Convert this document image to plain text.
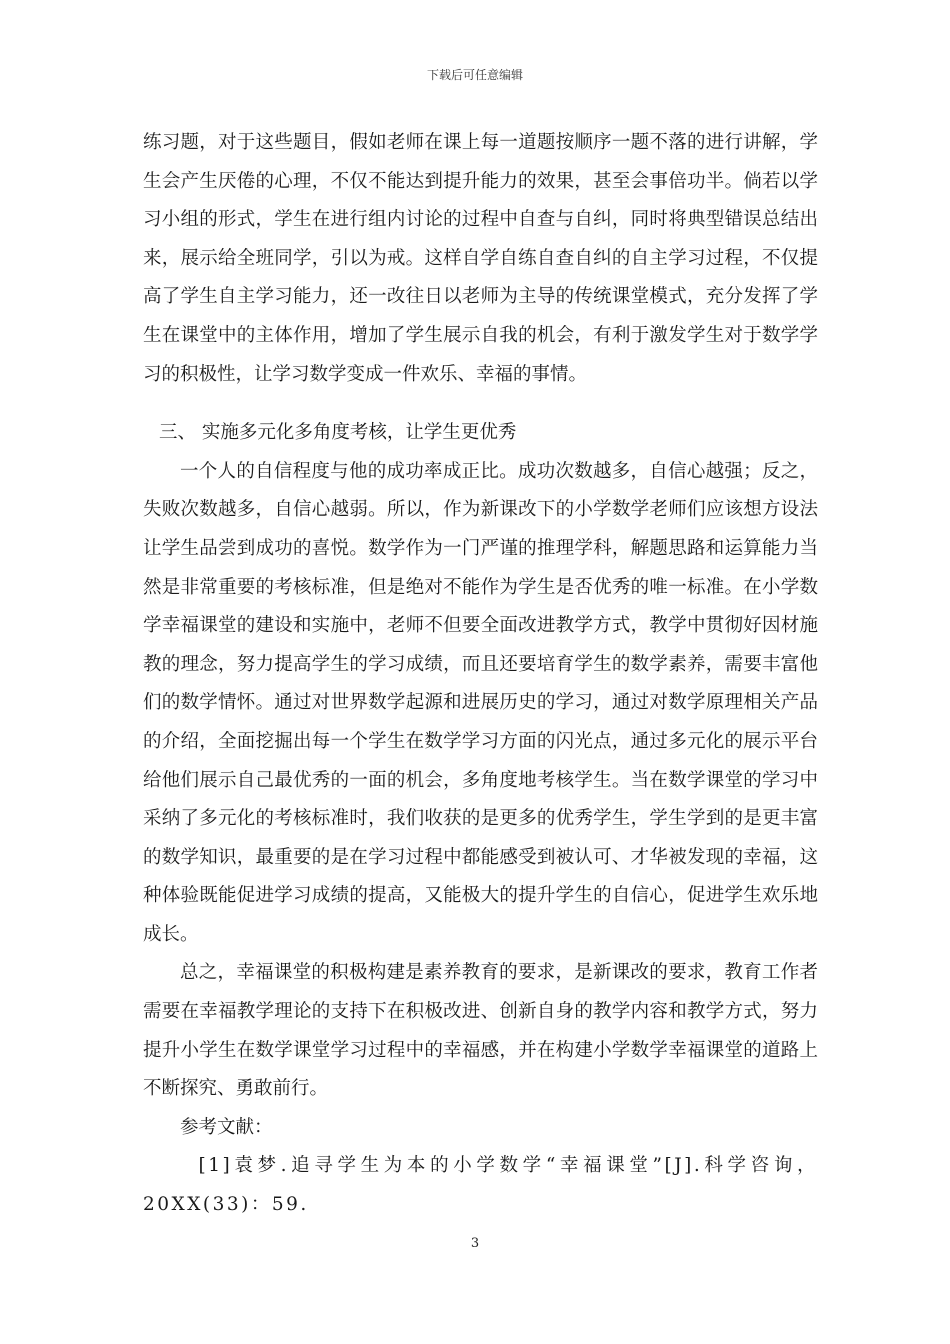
下载后可任意编辑

练习题，对于这些题目，假如老师在课上每一道题按顺序一题不落的进行讲解，学生会产生厌倦的心理，不仅不能达到提升能力的效果，甚至会事倍功半。倘若以学习小组的形式，学生在进行组内讨论的过程中自查与自纠，同时将典型错误总结出来，展示给全班同学，引以为戒。这样自学自练自查自纠的自主学习过程，不仅提高了学生自主学习能力，还一改往日以老师为主导的传统课堂模式，充分发挥了学生在课堂中的主体作用，增加了学生展示自我的机会，有利于激发学生对于数学学习的积极性，让学习数学变成一件欢乐、幸福的事情。

三、 实施多元化多角度考核，让学生更优秀

一个人的自信程度与他的成功率成正比。成功次数越多，自信心越强；反之，失败次数越多，自信心越弱。所以，作为新课改下的小学数学老师们应该想方设法让学生品尝到成功的喜悦。数学作为一门严谨的推理学科，解题思路和运算能力当然是非常重要的考核标准，但是绝对不能作为学生是否优秀的唯一标准。在小学数学幸福课堂的建设和实施中，老师不但要全面改进教学方式，教学中贯彻好因材施教的理念，努力提高学生的学习成绩，而且还要培育学生的数学素养，需要丰富他们的数学情怀。通过对世界数学起源和进展历史的学习，通过对数学原理相关产品的介绍，全面挖掘出每一个学生在数学学习方面的闪光点，通过多元化的展示平台给他们展示自己最优秀的一面的机会，多角度地考核学生。当在数学课堂的学习中采纳了多元化的考核标准时，我们收获的是更多的优秀学生，学生学到的是更丰富的数学知识，最重要的是在学习过程中都能感受到被认可、才华被发现的幸福，这种体验既能促进学习成绩的提高，又能极大的提升学生的自信心，促进学生欢乐地成长。

总之，幸福课堂的积极构建是素养教育的要求，是新课改的要求，教育工作者需要在幸福教学理论的支持下在积极改进、创新自身的教学内容和教学方式，努力提升小学生在数学课堂学习过程中的幸福感，并在构建小学数学幸福课堂的道路上不断探究、勇敢前行。

参考文献：

[1]袁梦.追寻学生为本的小学数学“幸福课堂”[J].科学咨询，20XX(33)：59.

3
